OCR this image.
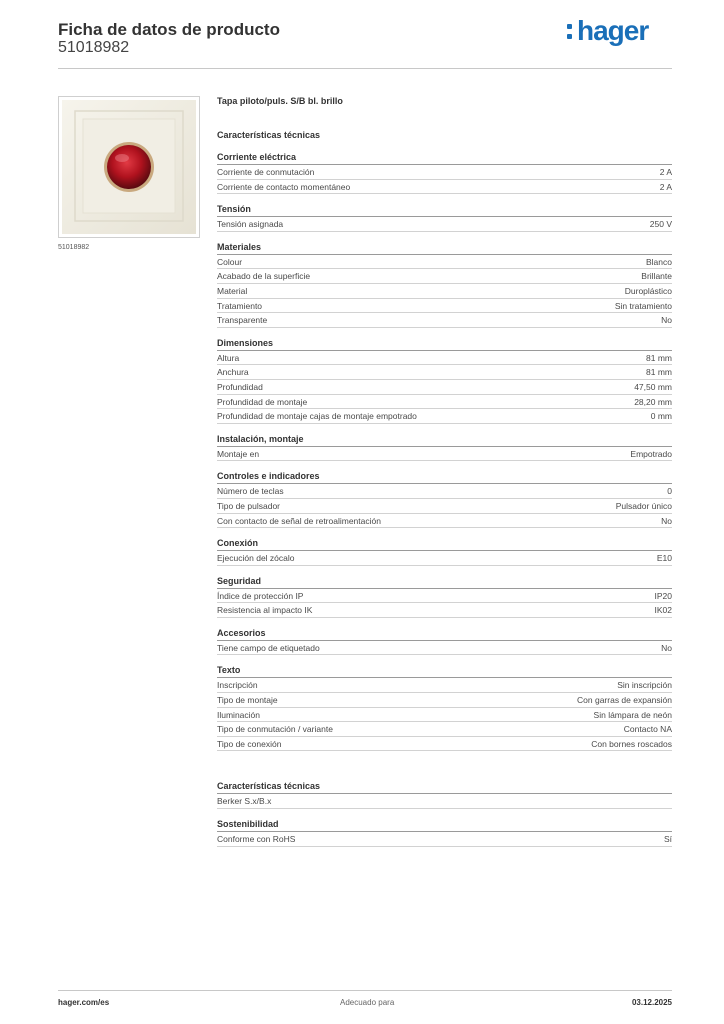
Ficha de datos de producto
51018982
hager
51018982
Tapa piloto/puls. S/B bl. brillo
Características técnicas
Corriente eléctrica
Corriente de conmutación	2 A
Corriente de contacto momentáneo	2 A
Tensión
Tensión asignada	250 V
Materiales
Colour	Blanco
Acabado de la superficie	Brillante
Material	Duroplástico
Tratamiento	Sin tratamiento
Transparente	No
Dimensiones
Altura	81 mm
Anchura	81 mm
Profundidad	47,50 mm
Profundidad de montaje	28,20 mm
Profundidad de montaje cajas de montaje empotrado	0 mm
Instalación, montaje
Montaje en	Empotrado
Controles e indicadores
Número de teclas	0
Tipo de pulsador	Pulsador único
Con contacto de señal de retroalimentación	No
Conexión
Ejecución del zócalo	E10
Seguridad
Índice de protección IP	IP20
Resistencia al impacto IK	IK02
Accesorios
Tiene campo de etiquetado	No
Texto
Inscripción	Sin inscripción
Tipo de montaje	Con garras de expansión
Iluminación	Sin lámpara de neón
Tipo de conmutación / variante	Contacto NA
Tipo de conexión	Con bornes roscados
Características técnicas
Berker S.x/B.x
Sostenibilidad
Conforme con RoHS	Sí
hager.com/es	Adecuado para	03.12.2025
